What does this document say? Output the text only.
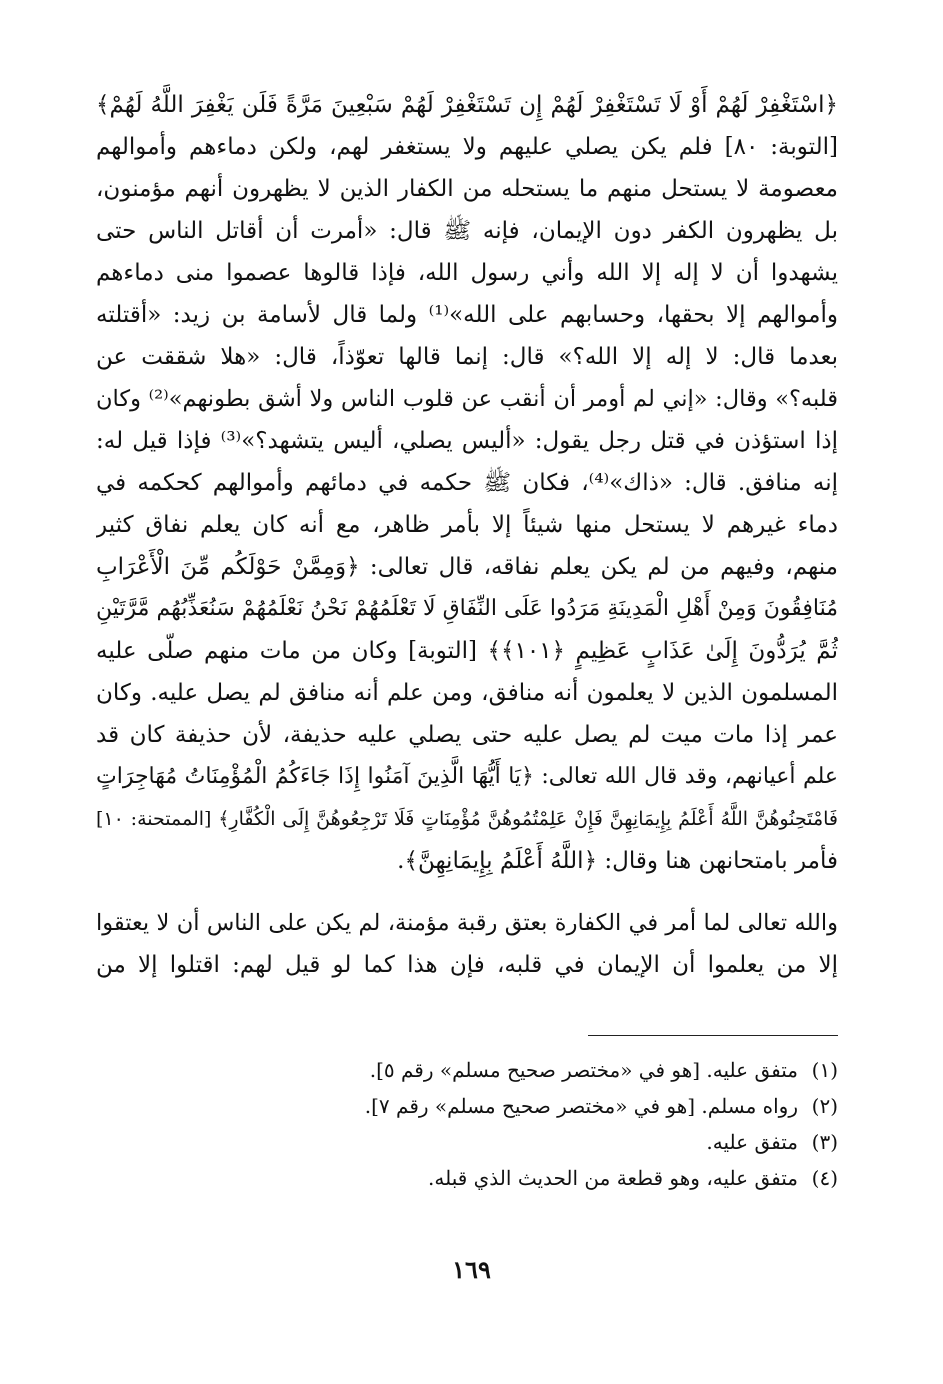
﴿اسْتَغْفِرْ لَهُمْ أَوْ لَا تَسْتَغْفِرْ لَهُمْ إِن تَسْتَغْفِرْ لَهُمْ سَبْعِينَ مَرَّةً فَلَن يَغْفِرَ اللَّهُ لَهُمْ﴾
[التوبة: ٨٠] فلم يكن يصلي عليهم ولا يستغفر لهم، ولكن دماءهم وأموالهم
معصومة لا يستحل منهم ما يستحله من الكفار الذين لا يظهرون أنهم مؤمنون،
بل يظهرون الكفر دون الإيمان، فإنه ﷺ قال: «أمرت أن أقاتل الناس حتى
يشهدوا أن لا إله إلا الله وأني رسول الله، فإذا قالوها عصموا منى دماءهم
وأموالهم إلا بحقها، وحسابهم على الله»⁽¹⁾ ولما قال لأسامة بن زيد: «أقتلته
بعدما قال: لا إله إلا الله؟» قال: إنما قالها تعوّذاً، قال: «هلا شققت عن
قلبه؟» وقال: «إني لم أومر أن أنقب عن قلوب الناس ولا أشق بطونهم»⁽²⁾ وكان
إذا استؤذن في قتل رجل يقول: «أليس يصلي، أليس يتشهد؟»⁽³⁾ فإذا قيل له:
إنه منافق. قال: «ذاك»⁽⁴⁾، فكان ﷺ حكمه في دمائهم وأموالهم كحكمه في
دماء غيرهم لا يستحل منها شيئاً إلا بأمر ظاهر، مع أنه كان يعلم نفاق كثير
منهم، وفيهم من لم يكن يعلم نفاقه، قال تعالى: ﴿وَمِمَّنْ حَوْلَكُم مِّنَ الْأَعْرَابِ
مُنَافِقُونَ وَمِنْ أَهْلِ الْمَدِينَةِ مَرَدُوا عَلَى النِّفَاقِ لَا تَعْلَمُهُمْ نَحْنُ نَعْلَمُهُمْ سَنُعَذِّبُهُم مَّرَّتَيْنِ
ثُمَّ يُرَدُّونَ إِلَىٰ عَذَابٍ عَظِيمٍ ﴿١٠١﴾﴾ [التوبة] وكان من مات منهم صلّى عليه
المسلمون الذين لا يعلمون أنه منافق، ومن علم أنه منافق لم يصل عليه. وكان
عمر إذا مات ميت لم يصل عليه حتى يصلي عليه حذيفة، لأن حذيفة كان قد
علم أعيانهم، وقد قال الله تعالى: ﴿يَا أَيُّهَا الَّذِينَ آمَنُوا إِذَا جَاءَكُمُ الْمُؤْمِنَاتُ مُهَاجِرَاتٍ
فَامْتَحِنُوهُنَّ اللَّهُ أَعْلَمُ بِإِيمَانِهِنَّ فَإِنْ عَلِمْتُمُوهُنَّ مُؤْمِنَاتٍ فَلَا تَرْجِعُوهُنَّ إِلَى الْكُفَّارِ﴾ [الممتحنة: ١٠]
فأمر بامتحانهن هنا وقال: ﴿اللَّهُ أَعْلَمُ بِإِيمَانِهِنَّ﴾.
والله تعالى لما أمر في الكفارة بعتق رقبة مؤمنة، لم يكن على الناس أن لا يعتقوا
إلا من يعلموا أن الإيمان في قلبه، فإن هذا كما لو قيل لهم: اقتلوا إلا من
(١)متفق عليه. [هو في «مختصر صحيح مسلم» رقم ٥].
(٢)رواه مسلم. [هو في «مختصر صحيح مسلم» رقم ٧].
(٣)متفق عليه.
(٤)متفق عليه، وهو قطعة من الحديث الذي قبله.
١٦٩
